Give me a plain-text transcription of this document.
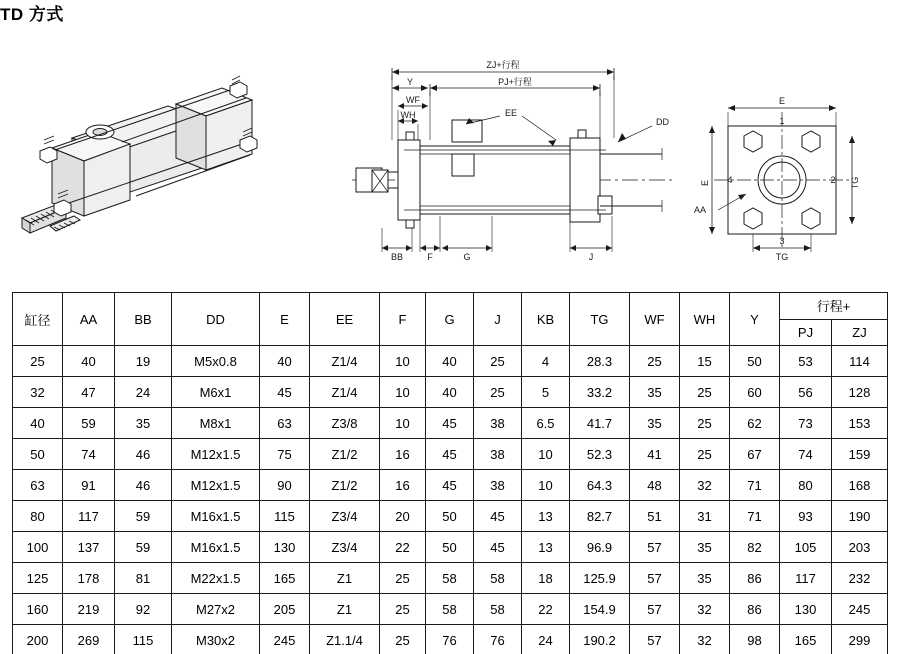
TD 方式
ZJ+行程
PJ+行程
Y
WF
WH	EE
DD
BB	F	G	J
E
TG
E	TG
AA
1
2
3
4
缸径	AA	BB	DD	E	EE	F	G	J	KB	TG	WF	WH	Y	行程+	
														PJ	ZJ
25	40	19	M5x0.8	40	Z1/4	10	40	25	4	28.3	25	15	50	53	114
32	47	24	M6x1	45	Z1/4	10	40	25	5	33.2	35	25	60	56	128
40	59	35	M8x1	63	Z3/8	10	45	38	6.5	41.7	35	25	62	73	153
50	74	46	M12x1.5	75	Z1/2	16	45	38	10	52.3	41	25	67	74	159
63	91	46	M12x1.5	90	Z1/2	16	45	38	10	64.3	48	32	71	80	168
80	117	59	M16x1.5	115	Z3/4	20	50	45	13	82.7	51	31	71	93	190
100	137	59	M16x1.5	130	Z3/4	22	50	45	13	96.9	57	35	82	105	203
125	178	81	M22x1.5	165	Z1	25	58	58	18	125.9	57	35	86	117	232
160	219	92	M27x2	205	Z1	25	58	58	22	154.9	57	32	86	130	245
200	269	115	M30x2	245	Z1.1/4	25	76	76	24	190.2	57	32	98	165	299
